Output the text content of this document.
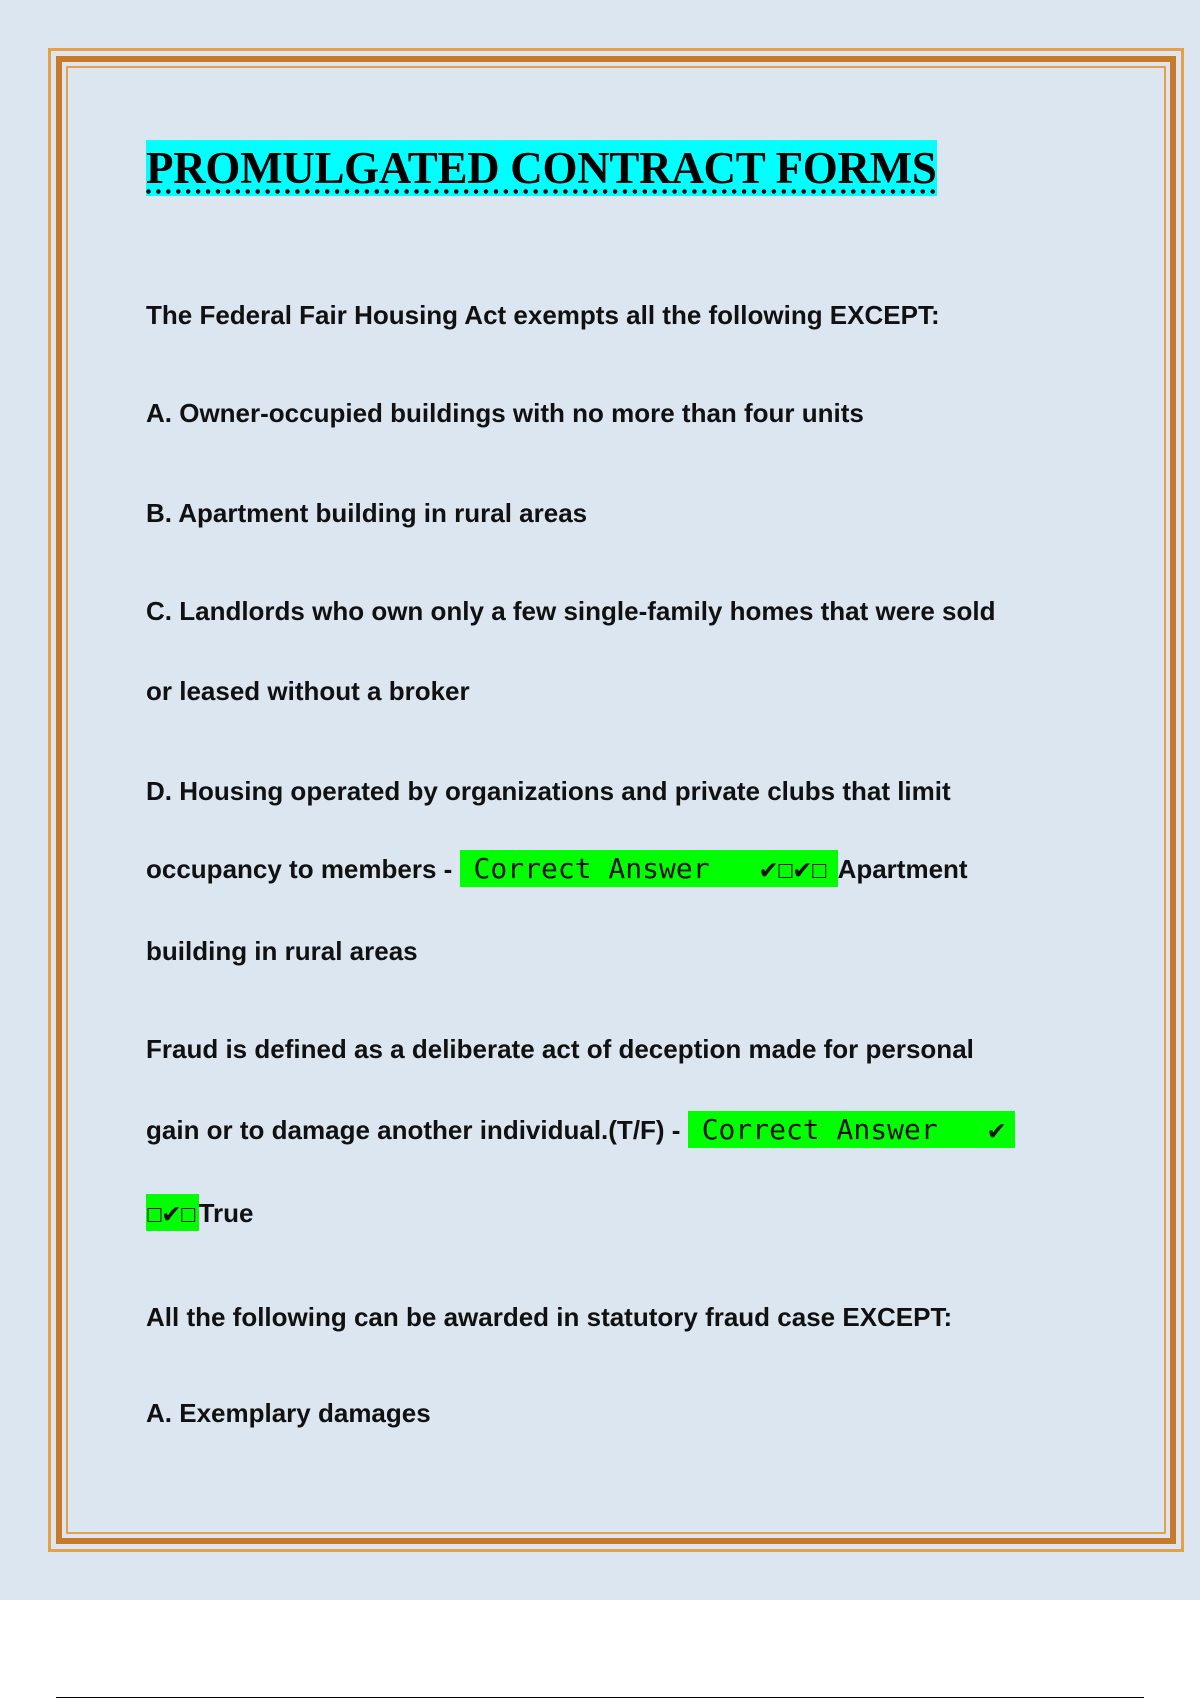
PROMULGATED CONTRACT FORMS

The Federal Fair Housing Act exempts all the following EXCEPT:

A. Owner-occupied buildings with no more than four units

B. Apartment building in rural areas

C. Landlords who own only a few single-family homes that were sold

or leased without a broker

D. Housing operated by organizations and private clubs that limit

occupancy to members - Correct Answer   ✔☐✔☐ Apartment

building in rural areas

Fraud is defined as a deliberate act of deception made for personal

gain or to damage another individual.(T/F) - Correct Answer   ✔

☐✔☐True

All the following can be awarded in statutory fraud case EXCEPT:

A. Exemplary damages
